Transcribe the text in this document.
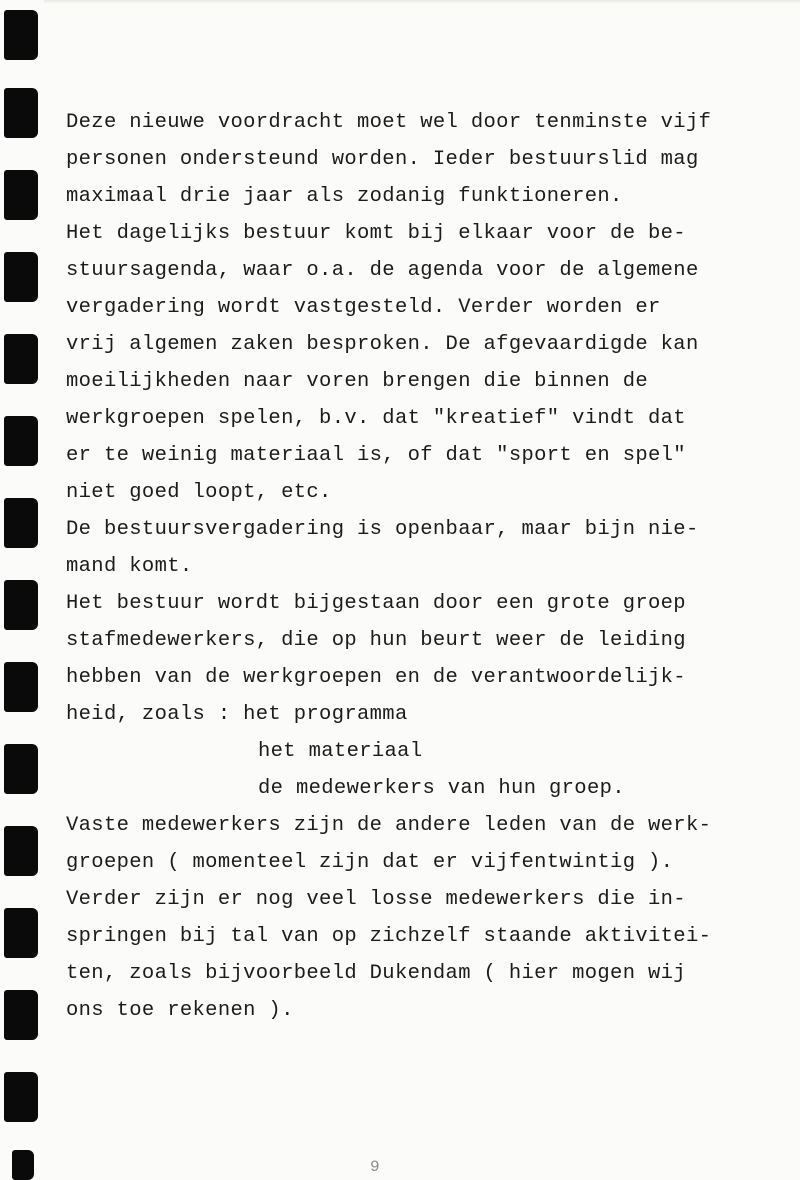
Deze nieuwe voordracht moet wel door tenminste vijf
personen ondersteund worden. Ieder bestuurslid mag
maximaal drie jaar als zodanig funktioneren.
Het dagelijks bestuur komt bij elkaar voor de be-
stuursagenda, waar o.a. de agenda voor de algemene
vergadering wordt vastgesteld. Verder worden er
vrij algemen zaken besproken. De afgevaardigde kan
moeilijkheden naar voren brengen die binnen de
werkgroepen spelen, b.v. dat "kreatief" vindt dat
er te weinig materiaal is, of dat "sport en spel"
niet goed loopt, etc.
De bestuursvergadering is openbaar, maar bijn nie-
mand komt.
Het bestuur wordt bijgestaan door een grote groep
stafmedewerkers, die op hun beurt weer de leiding
hebben van de werkgroepen en de verantwoordelijk-
heid, zoals : het programma
het materiaal
de medewerkers van hun groep.
Vaste medewerkers zijn de andere leden van de werk-
groepen ( momenteel zijn dat er vijfentwintig ).
Verder zijn er nog veel losse medewerkers die in-
springen bij tal van op zichzelf staande aktivitei-
ten, zoals bijvoorbeeld Dukendam ( hier mogen wij
ons toe rekenen ).
9
